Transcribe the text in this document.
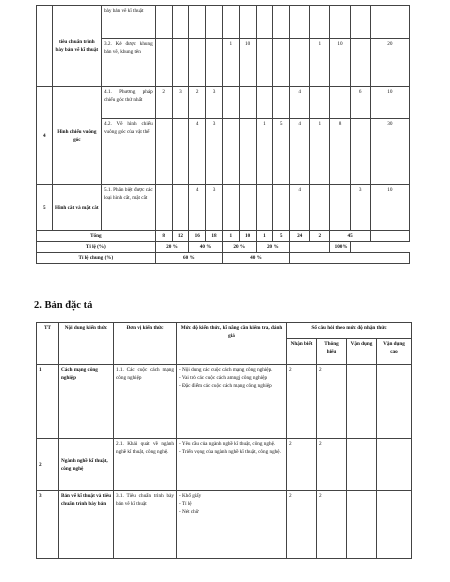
	tiêu chuẩn trình bày bản vẽ kĩ thuật	bày bản vẽ kĩ thuật													
		3.2. Kẻ được khung bản vẽ, khung tên					1	10				1	10		20
4	Hình chiếu vuông góc	4.1. Phương pháp chiếu góc thứ nhất	2	3	2	3					4			6	10
		4.2. Vẽ hình chiếu vuông góc của vật thể			4	3			1	5	4	1	8		30
5	Hình cắt và mặt cắt	5.1. Phân biệt được các loại hình cắt, mặt cắt			4	3					4			3	10
Tổng			8	12	16	18	1	10	1	5	24	2	45		
Tỉ lệ (%)			20 %		40 %		20 %		20 %				100%		
Tỉ lệ chung (%)			60 %				40 %								
2. Bản đặc tả
TT	Nội dung kiến thức	Đơn vị kiến thức	Mức độ kiến thức, kĩ năng cần kiểm tra, đánh giá	Số câu hỏi theo mức độ nhận thức			
				Nhận biết	Thông hiểu	Vận dụng	Vận dụng cao
1	Cách mạng công nghiệp	1.1. Các cuộc cách mạng công nghiệp	- Nội dung các cuộc cách mạng công nghiệp.
- Vai trò các cuộc cách amngj công nghiệp
- Đặc điểm các cuộc cách mạng công nghiệp	2	2		
2	Ngành nghề kĩ thuật, công nghệ	2.1. Khái quát về ngành nghề kĩ thuật, công nghệ.	- Yêu cầu của ngành nghề kĩ thuật, công nghệ.
- Triển vọng của ngành nghề kĩ thuật, công nghệ.	2	2		
3	Bản vẽ kĩ thuật và tiêu chuẩn trình bày bản	3.1. Tiêu chuẩn trình bày bản vẽ kĩ thuật	- Khổ giấy
- Tỉ lệ
- Nét chữ	2	2		
